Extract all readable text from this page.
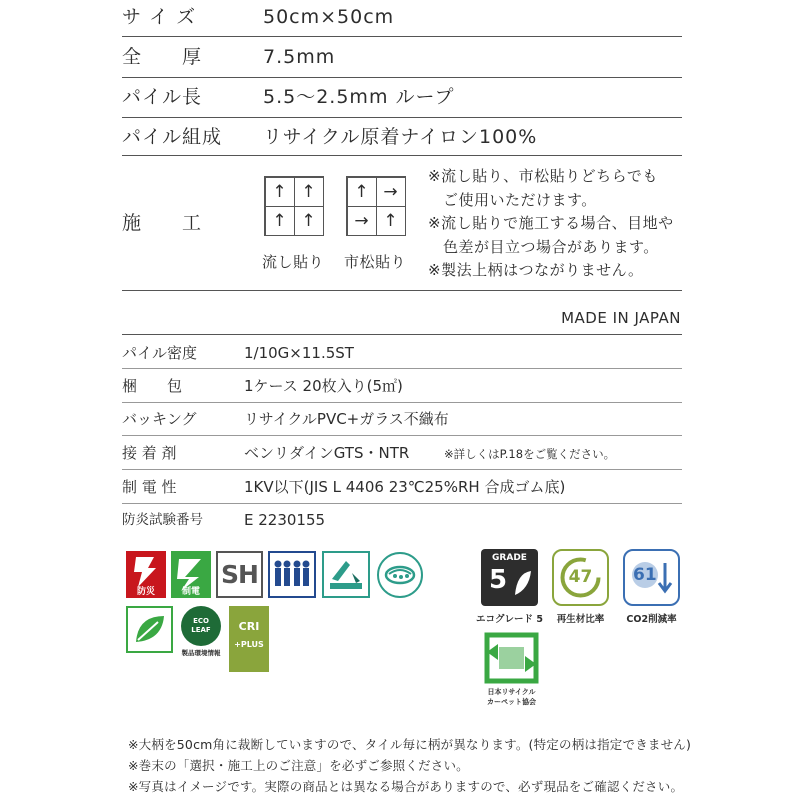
サ イ ズ	50cm×50cm
全　　厚	7.5mm
パイル長	5.5〜2.5mm ループ
パイル組成 リサイクル原着ナイロン100%
施　　工
↑ ↑
↑ ↑
↑ →
→ ↑
流し貼り 市松貼り
※流し貼り、市松貼りどちらでも
ご使用いただけます。
※流し貼りで施工する場合、目地や
色差が目立つ場合があります。
※製法上柄はつながりません。
MADE IN JAPAN
パイル密度	1/10G×11.5ST
梱　　包	1ケース 20枚入り(5㎡)
バッキング	リサイクルPVC+ガラス不織布
接 着 剤	ベンリダインGTS・NTR	※詳しくはP.18をご覧ください。
制 電 性	1KV以下(JIS L 4406 23℃25%RH 合成ゴム底)
防炎試験番号	E 2230155
防災	制電
SH
ECO LEAF
製品環境情報
CRI
+PLUS
GRADE
5
エコグレード 5
47
再生材比率
61
CO2削減率
日本リサイクル
カーペット協会
※大柄を50cm角に裁断していますので、タイル毎に柄が異なります。(特定の柄は指定できません)
※巻末の「選択・施工上のご注意」を必ずご参照ください。
※写真はイメージです。実際の商品とは異なる場合がありますので、必ず現品をご確認ください。
